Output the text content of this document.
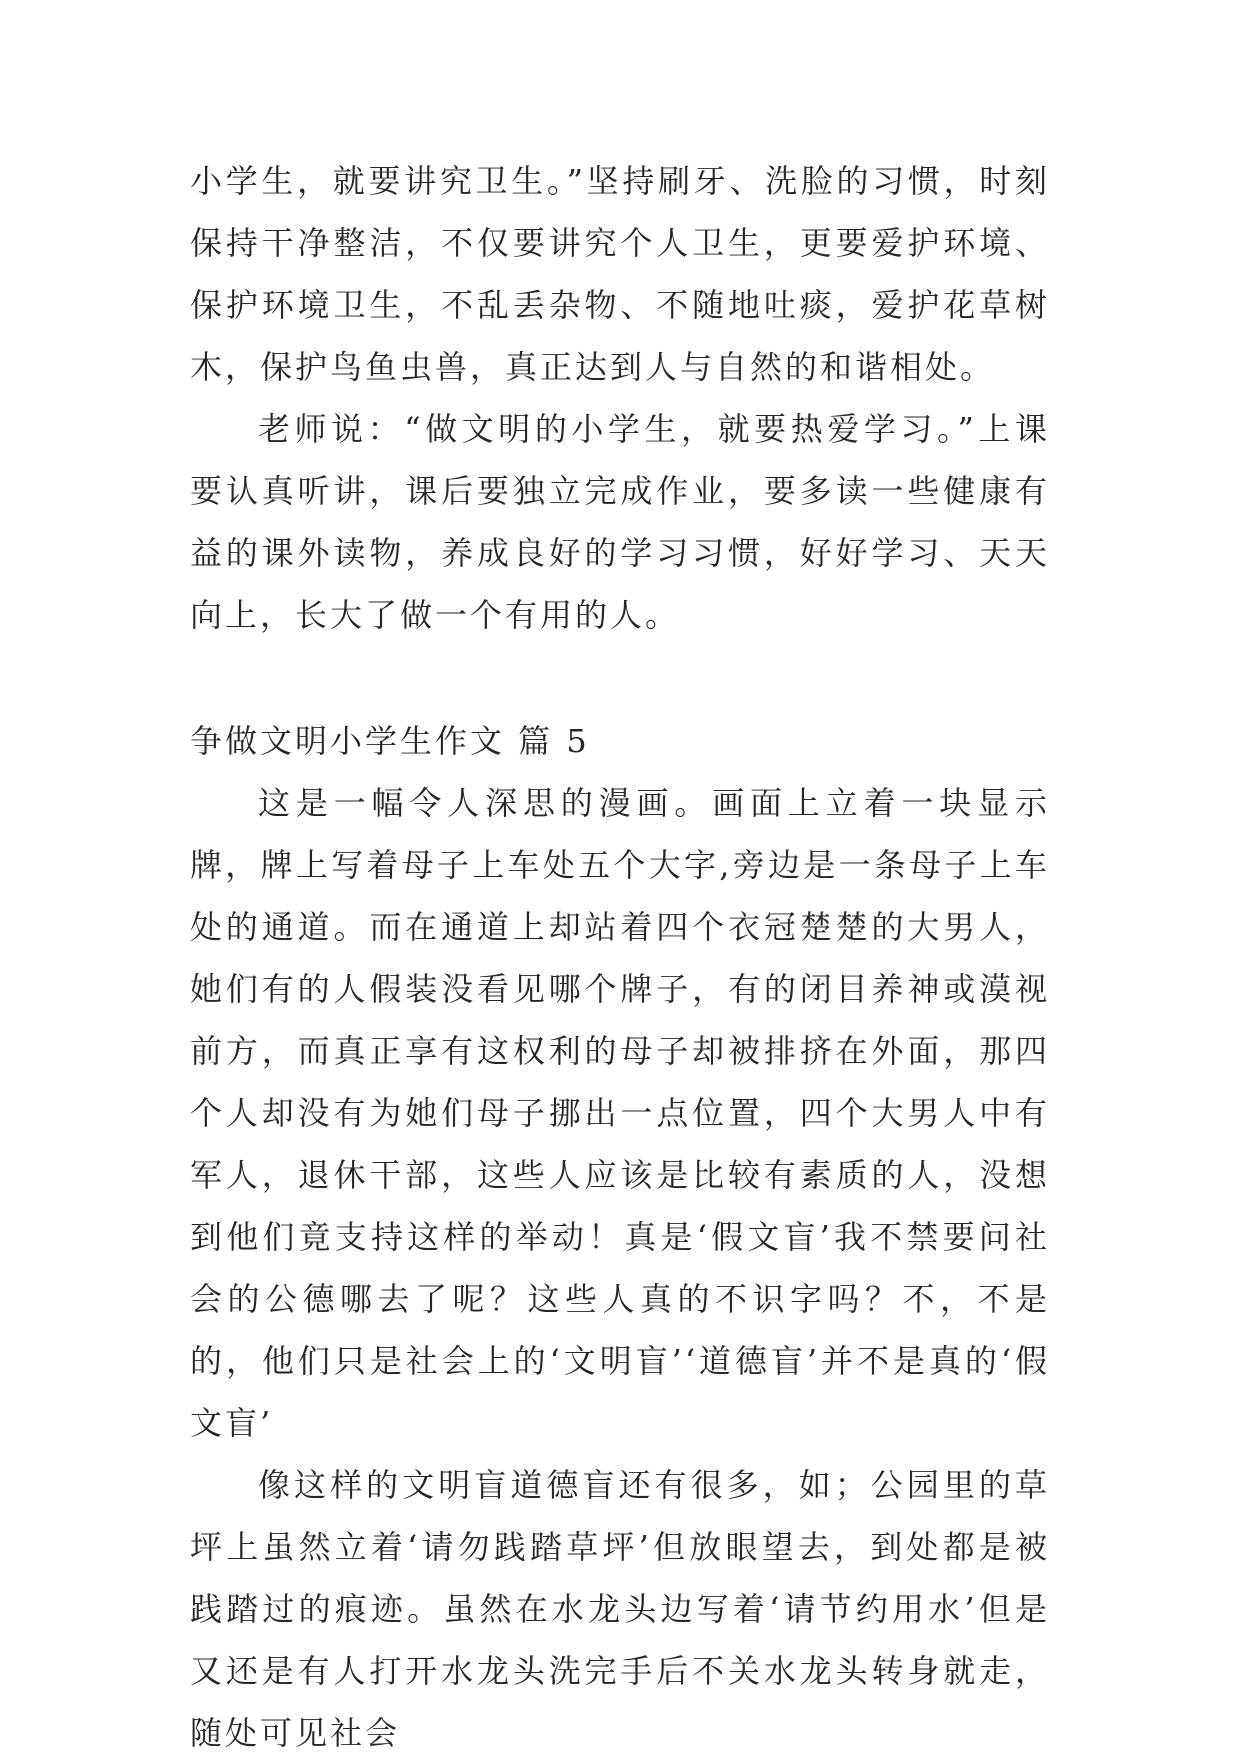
小学生，就要讲究卫生。”坚持刷牙、洗脸的习惯，时刻保持干净整洁，不仅要讲究个人卫生，更要爱护环境、保护环境卫生，不乱丢杂物、不随地吐痰，爱护花草树木，保护鸟鱼虫兽，真正达到人与自然的和谐相处。

老师说：“做文明的小学生，就要热爱学习。”上课要认真听讲，课后要独立完成作业，要多读一些健康有益的课外读物，养成良好的学习习惯，好好学习、天天向上，长大了做一个有用的人。

争做文明小学生作文 篇 5

这是一幅令人深思的漫画。画面上立着一块显示牌，牌上写着母子上车处五个大字,旁边是一条母子上车处的通道。而在通道上却站着四个衣冠楚楚的大男人，她们有的人假装没看见哪个牌子，有的闭目养神或漠视前方，而真正享有这权利的母子却被排挤在外面，那四个人却没有为她们母子挪出一点位置，四个大男人中有军人，退休干部，这些人应该是比较有素质的人，没想到他们竟支持这样的举动！真是‘假文盲’我不禁要问社会的公德哪去了呢？这些人真的不识字吗？不，不是的，他们只是社会上的‘文明盲’‘道德盲’并不是真的‘假文盲’

像这样的文明盲道德盲还有很多，如；公园里的草坪上虽然立着‘请勿践踏草坪’但放眼望去，到处都是被践踏过的痕迹。虽然在水龙头边写着‘请节约用水’但是又还是有人打开水龙头洗完手后不关水龙头转身就走，随处可见社会
